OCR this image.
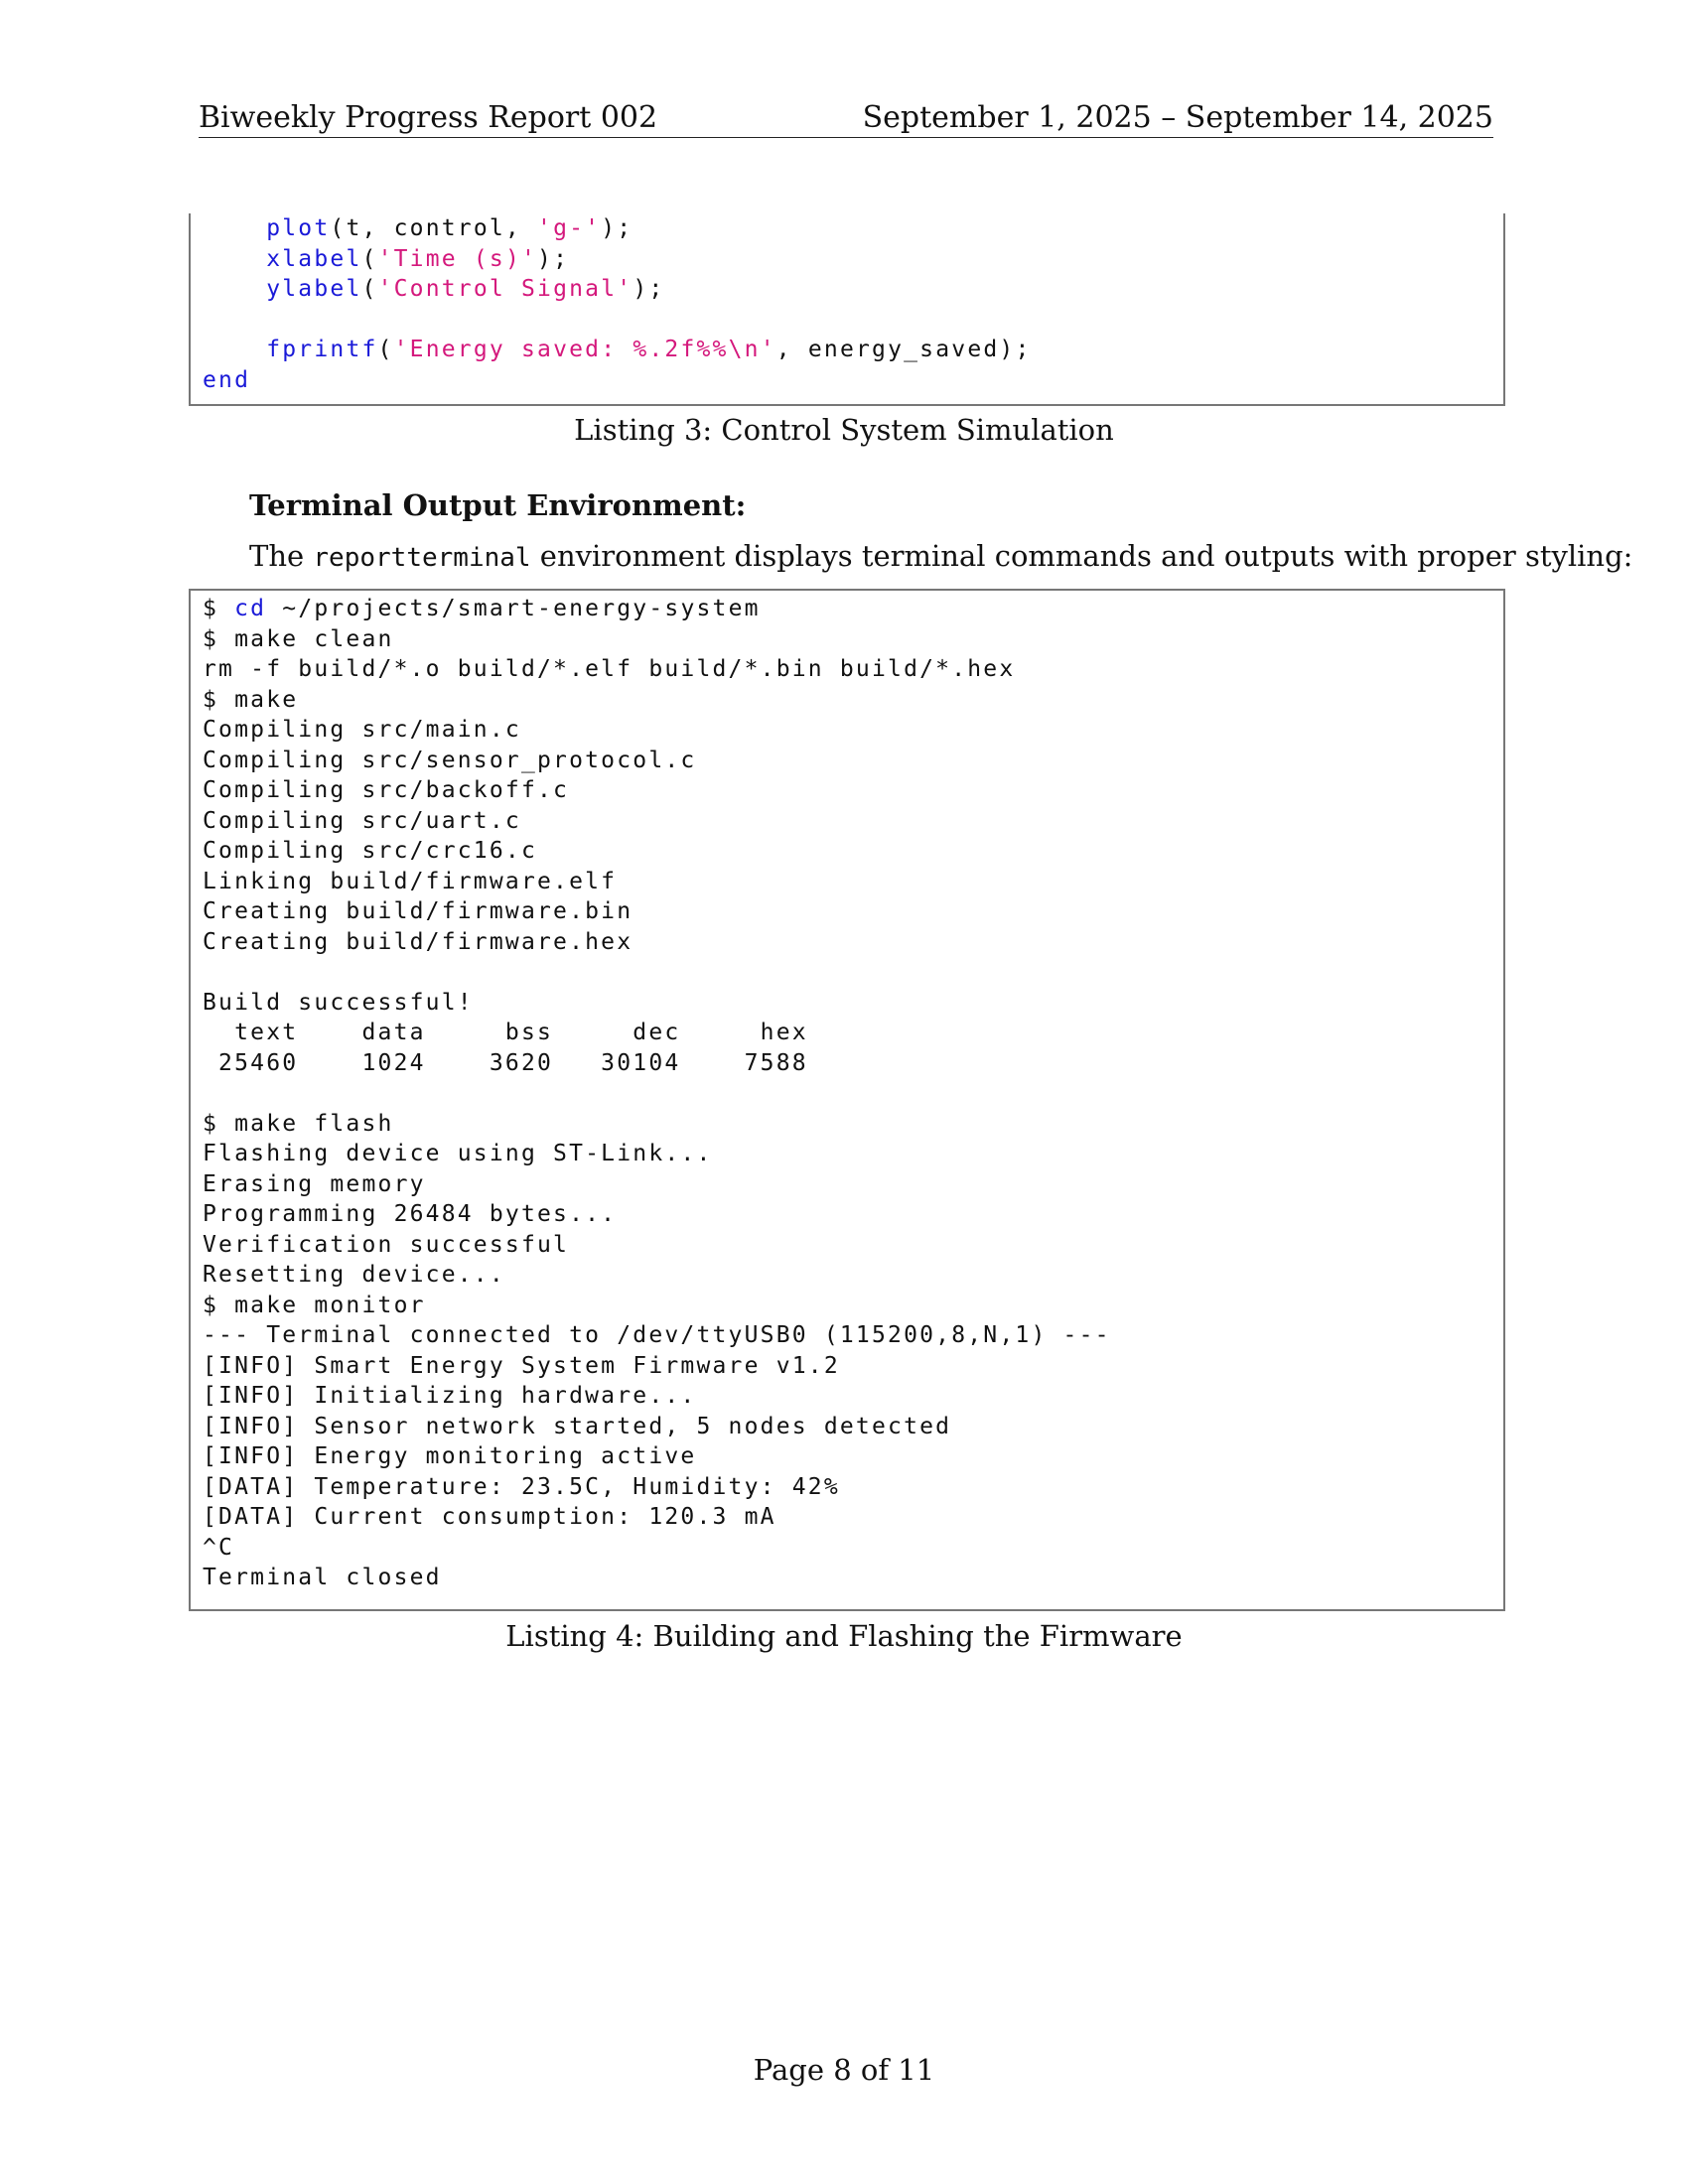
Biweekly Progress Report 002	September 1, 2025 – September 14, 2025
plot(t, control, 'g-');
xlabel('Time (s)');
ylabel('Control Signal');
fprintf('Energy saved: %.2f%%\n', energy_saved);
end
Listing 3: Control System Simulation
Terminal Output Environment:
The reportterminal environment displays terminal commands and outputs with proper styling:
$ cd ~/projects/smart-energy-system
$ make clean
rm -f build/*.o build/*.elf build/*.bin build/*.hex
$ make
Compiling src/main.c
Compiling src/sensor_protocol.c
Compiling src/backoff.c
Compiling src/uart.c
Compiling src/crc16.c
Linking build/firmware.elf
Creating build/firmware.bin
Creating build/firmware.hex
Build successful!
text    data     bss     dec     hex
25460    1024    3620   30104    7588
$ make flash
Flashing device using ST-Link...
Erasing memory
Programming 26484 bytes...
Verification successful
Resetting device...
$ make monitor
--- Terminal connected to /dev/ttyUSB0 (115200,8,N,1) ---
[INFO] Smart Energy System Firmware v1.2
[INFO] Initializing hardware...
[INFO] Sensor network started, 5 nodes detected
[INFO] Energy monitoring active
[DATA] Temperature: 23.5C, Humidity: 42%
[DATA] Current consumption: 120.3 mA
^C
Terminal closed
Listing 4: Building and Flashing the Firmware
Page 8 of 11
